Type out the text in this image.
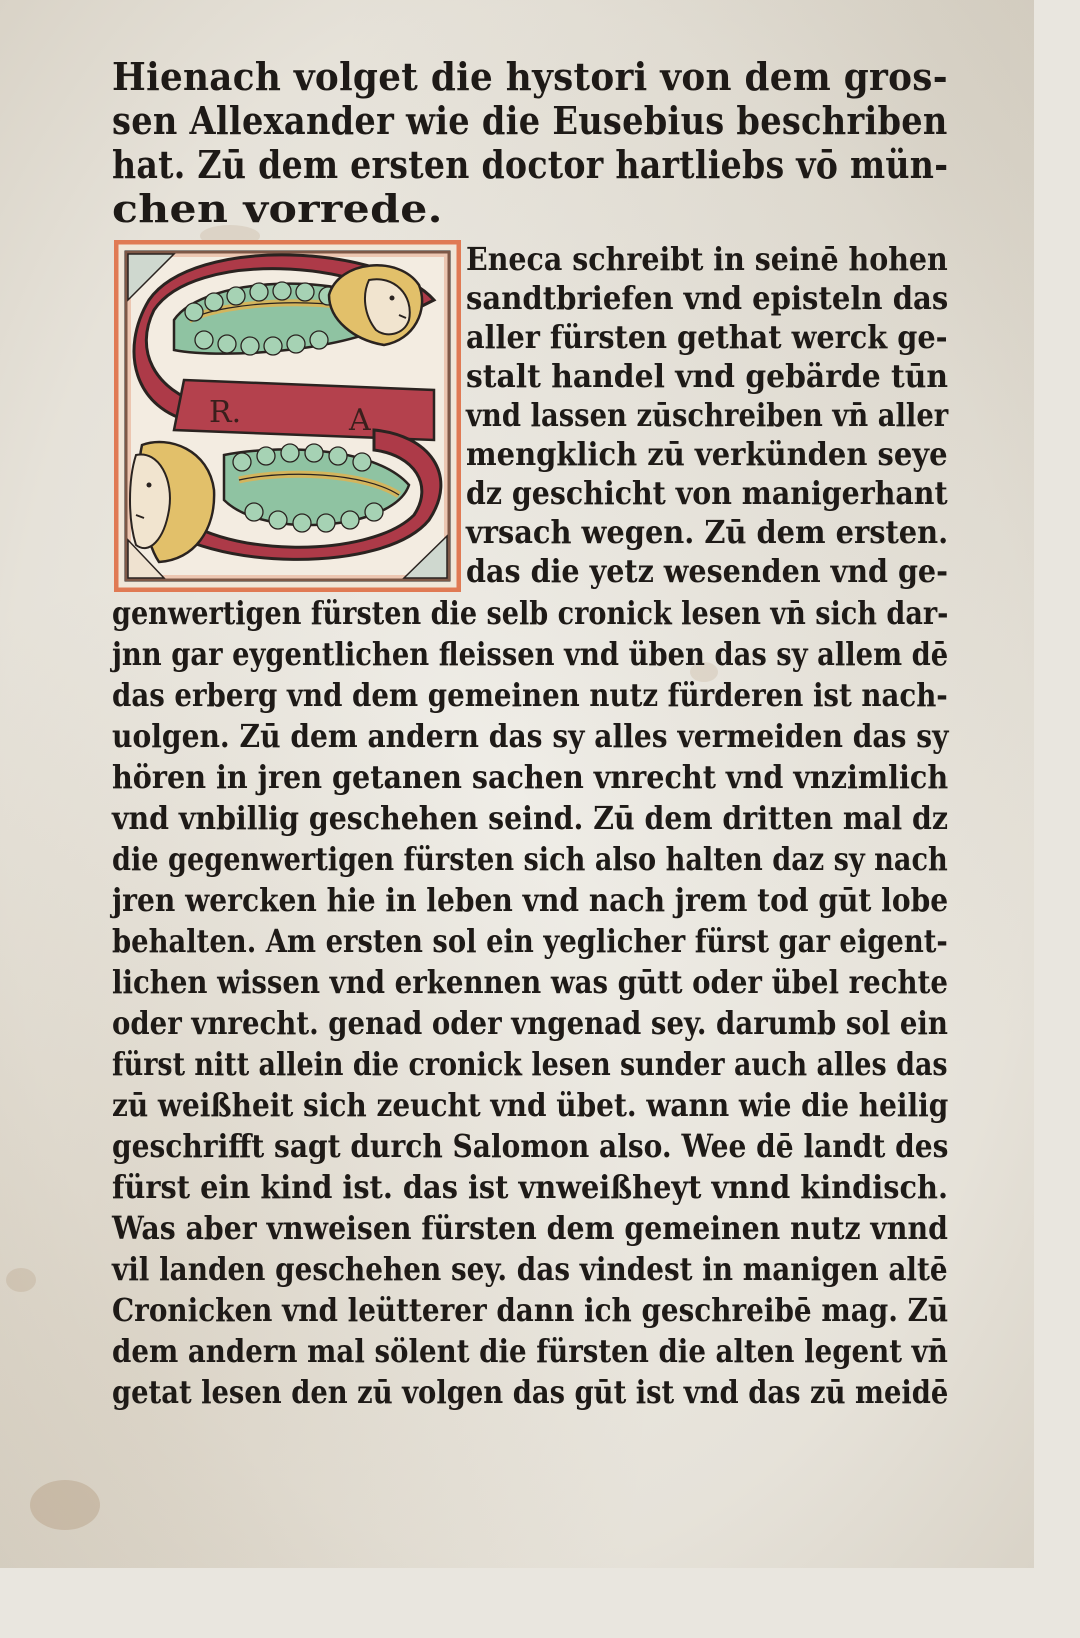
Hienach volget die hystori von dem gros-

sen Allexander wie die Eusebius beschriben

hat. Zū dem ersten doctor hartliebs vō mün-

chen vorrede.

R.	A

Eneca schreibt in seinē hohen

sandtbriefen vnd episteln das

aller fürsten gethat werck ge-

stalt handel vnd gebärde tūn

vnd lassen zūschreiben vn̄ aller

mengklich zū verkünden seye

dz geschicht von manigerhant

vrsach wegen. Zū dem ersten.

das die yetz wesenden vnd ge-

genwertigen fürsten die selb cronick lesen vn̄ sich dar-

jnn gar eygentlichen fleissen vnd üben das sy allem dē

das erberg vnd dem gemeinen nutz fürderen ist nach-

uolgen. Zū dem andern das sy alles vermeiden das sy

hören in jren getanen sachen vnrecht vnd vnzimlich

vnd vnbillig geschehen seind. Zū dem dritten mal dz

die gegenwertigen fürsten sich also halten daz sy nach

jren wercken hie in leben vnd nach jrem tod gūt lobe

behalten. Am ersten sol ein yeglicher fürst gar eigent-

lichen wissen vnd erkennen was gūtt oder übel rechte

oder vnrecht. genad oder vngenad sey. darumb sol ein

fürst nitt allein die cronick lesen sunder auch alles das

zū weißheit sich zeucht vnd übet. wann wie die heilig

geschrifft sagt durch Salomon also. Wee dē landt des

fürst ein kind ist. das ist vnweißheyt vnnd kindisch.

Was aber vnweisen fürsten dem gemeinen nutz vnnd

vil landen geschehen sey. das vindest in manigen altē

Cronicken vnd leütterer dann ich geschreibē mag. Zū

dem andern mal sölent die fürsten die alten legent vn̄

getat lesen den zū volgen das gūt ist vnd das zū meidē
